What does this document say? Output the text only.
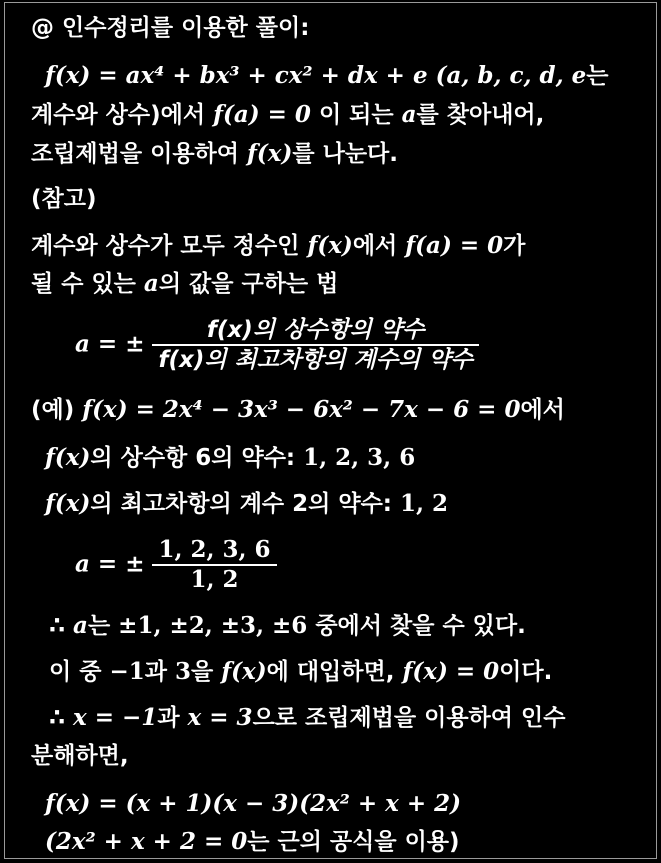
@ 인수정리를 이용한 풀이:
f(x) = ax⁴ + bx³ + cx² + dx + e (a, b, c, d, e는
계수와 상수)에서 f(a) = 0 이 되는 a를 찾아내어,
조립제법을 이용하여 f(x)를 나눈다.
(참고)
계수와 상수가 모두 정수인 f(x)에서 f(a) = 0가
될 수 있는 a의 값을 구하는 법
a = ± $\frac{\text{f(x)의 상수항의 약수}}{\text{f(x)의 최고차항의 계수의 약수}}$
(예) f(x) = 2x⁴ − 3x³ − 6x² − 7x − 6 = 0에서
f(x)의 상수항 6의 약수: 1, 2, 3, 6
f(x)의 최고차항의 계수 2의 약수: 1, 2
a = ± $\frac{1, 2, 3, 6}{1, 2}$
∴ a는 ±1, ±2, ±3, ±6 중에서 찾을 수 있다.
이 중 −1과 3을 f(x)에 대입하면, f(x) = 0이다.
∴ x = −1과 x = 3으로 조립제법을 이용하여 인수
분해하면,
f(x) = (x + 1)(x − 3)(2x² + x + 2)
(2x² + x + 2 = 0는 근의 공식을 이용)
